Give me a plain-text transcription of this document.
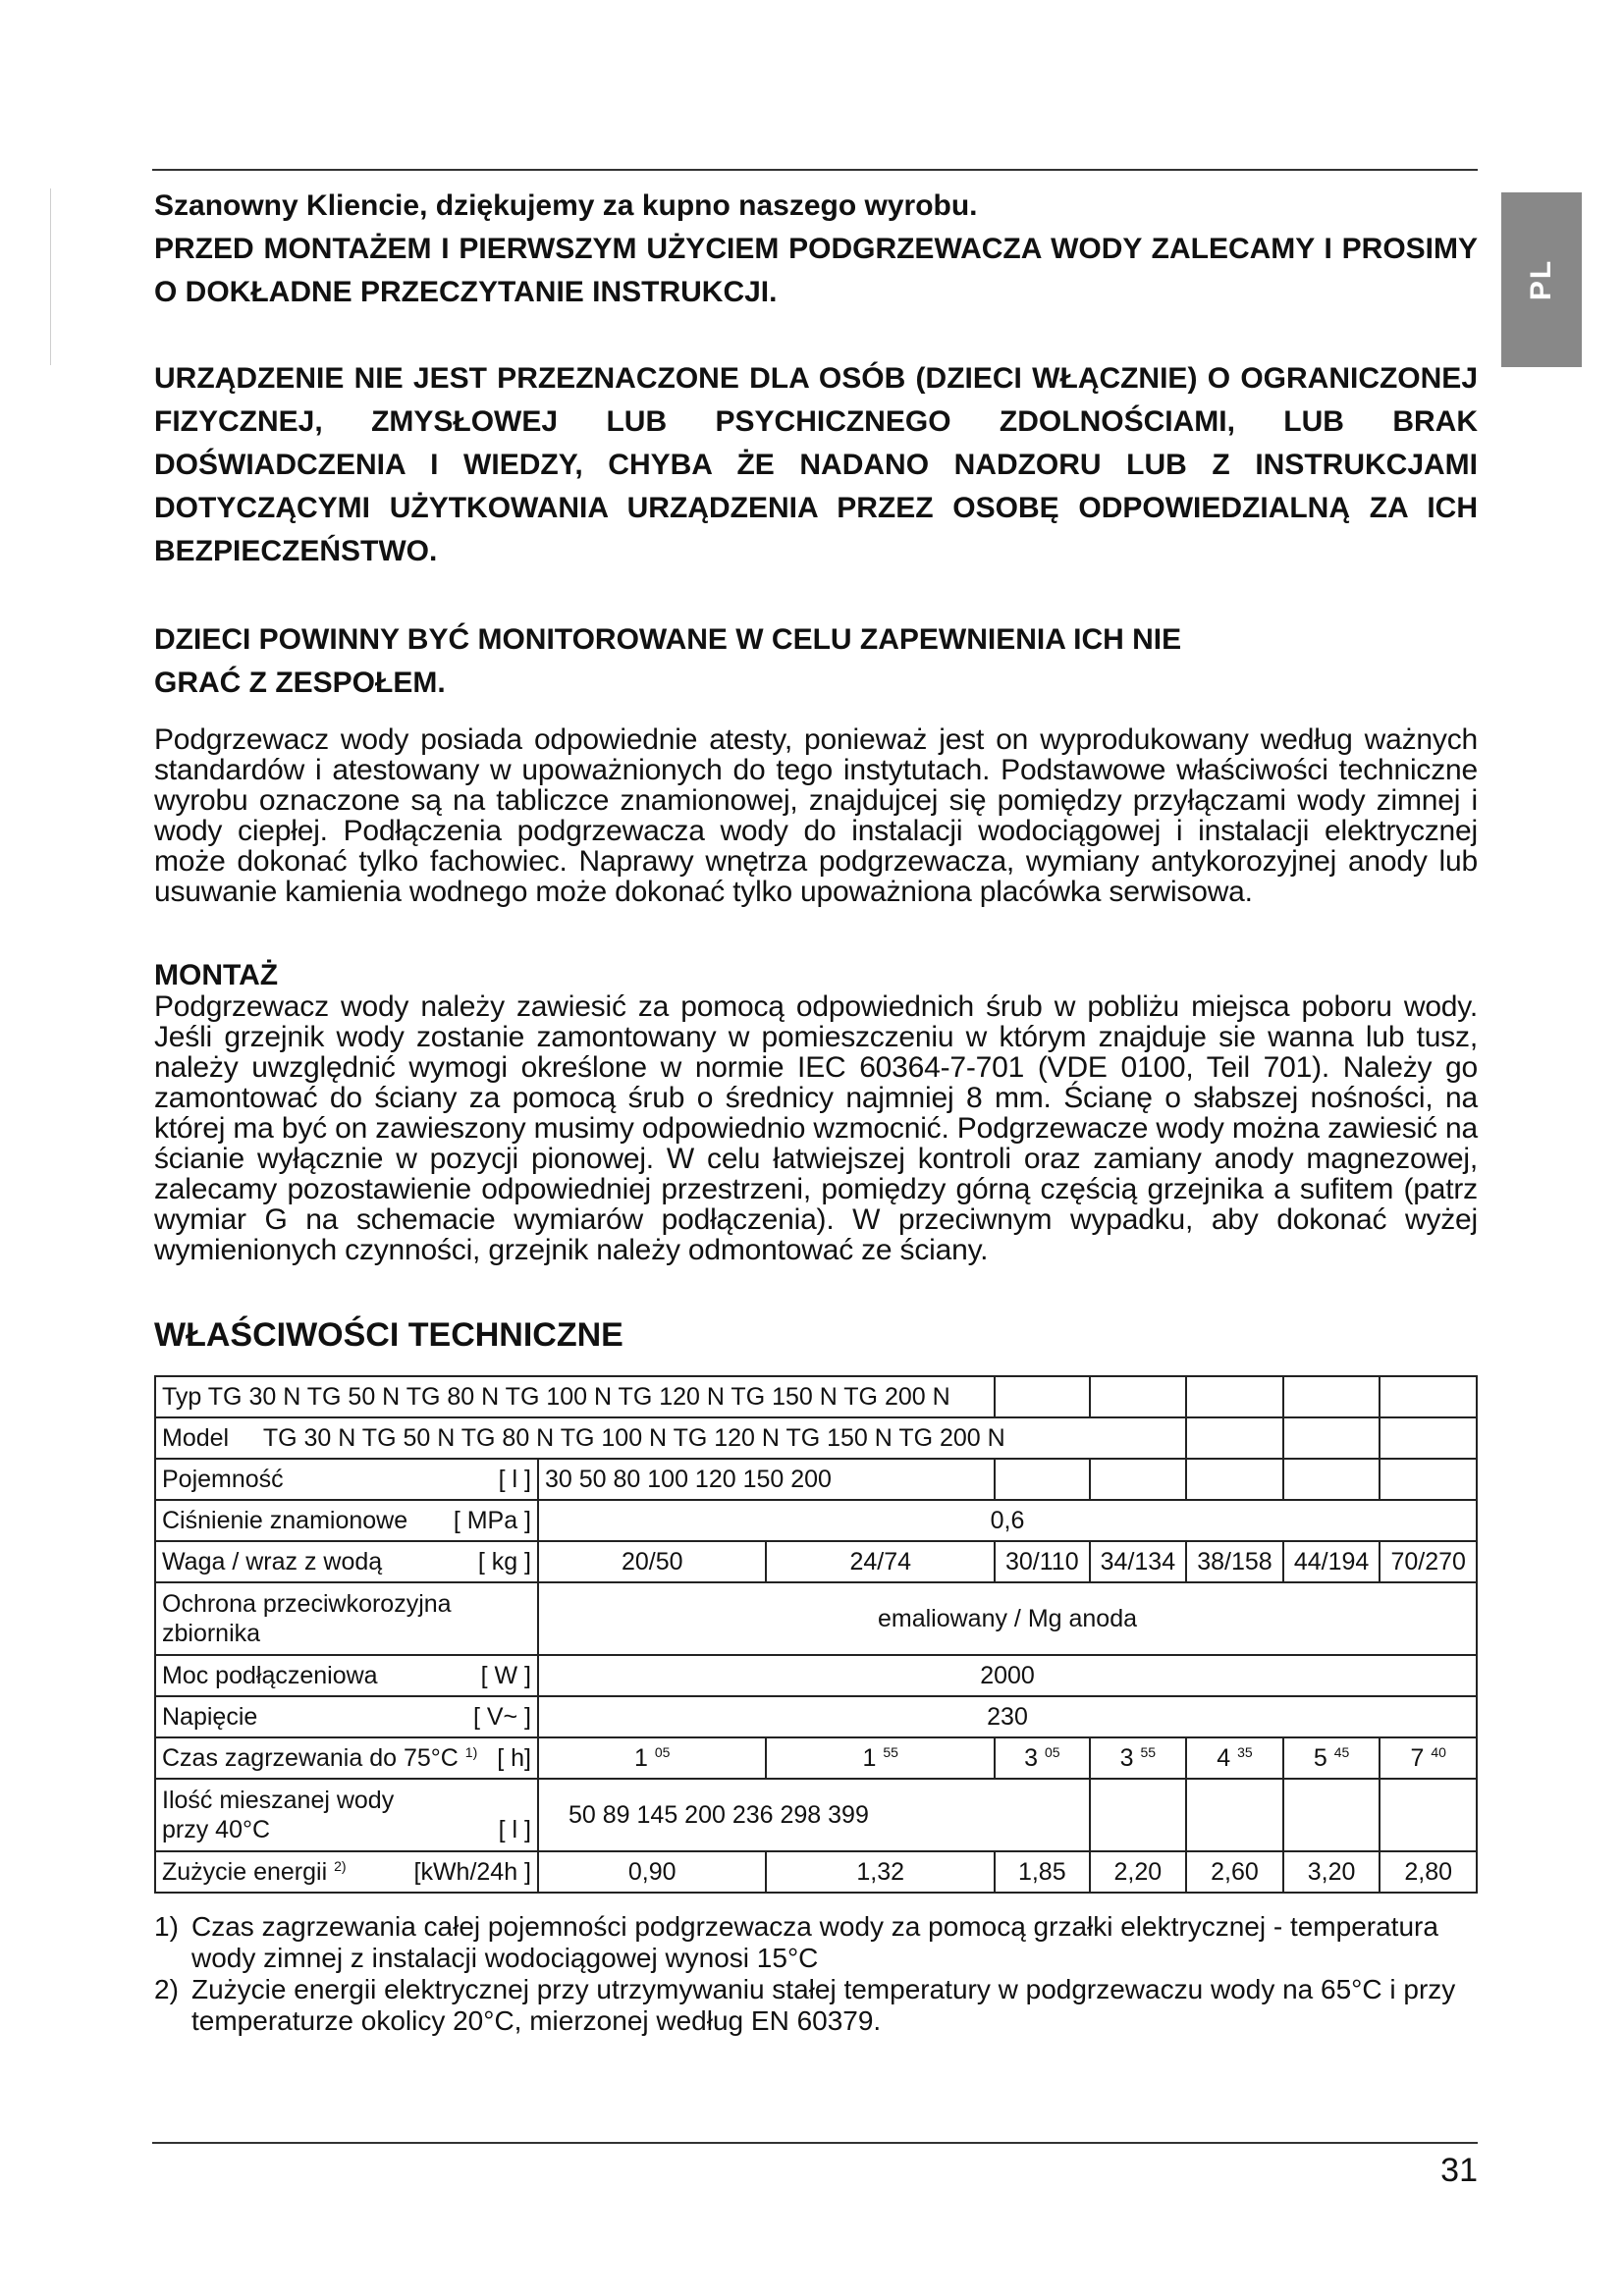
PL

Szanowny Kliencie, dziękujemy za kupno naszego wyrobu.

PRZED MONTAŻEM I PIERWSZYM UŻYCIEM PODGRZEWACZA WODY ZALECAMY I PROSIMY O DOKŁADNE PRZECZYTANIE INSTRUKCJI.

URZĄDZENIE NIE JEST PRZEZNACZONE DLA OSÓB (DZIECI WŁĄCZNIE) O OGRANICZONEJ FIZYCZNEJ, ZMYSŁOWEJ LUB PSYCHICZNEGO ZDOLNOŚCIAMI, LUB BRAK DOŚWIADCZENIA I WIEDZY, CHYBA ŻE NADANO NADZORU LUB Z INSTRUKCJAMI DOTYCZĄCYMI UŻYTKOWANIA URZĄDZENIA PRZEZ OSOBĘ ODPOWIEDZIALNĄ ZA ICH BEZPIECZEŃSTWO.

DZIECI POWINNY BYĆ MONITOROWANE W CELU ZAPEWNIENIA ICH NIE

GRAĆ Z ZESPOŁEM.

Podgrzewacz wody posiada odpowiednie atesty, ponieważ jest on wyprodukowany według ważnych standardów i atestowany w upoważnionych do tego instytutach. Podstawowe właściwości techniczne wyrobu oznaczone są na tabliczce znamionowej, znajdujcej się pomiędzy przyłączami wody zimnej i wody ciepłej. Podłączenia podgrzewacza wody do instalacji wodociągowej i instalacji elektrycznej może dokonać tylko fachowiec. Naprawy wnętrza podgrzewacza, wymiany antykorozyjnej anody lub usuwanie kamienia wodnego może dokonać tylko upoważniona placówka serwisowa.

MONTAŻ

Podgrzewacz wody należy zawiesić za pomocą odpowiednich śrub w pobliżu miejsca poboru wody. Jeśli grzejnik wody zostanie zamontowany w pomieszczeniu w którym znajduje sie wanna lub tusz, należy uwzględnić wymogi określone w normie IEC 60364-7-701 (VDE 0100, Teil 701). Należy go zamontować do ściany za pomocą śrub o średnicy najmniej 8 mm. Ścianę o słabszej nośności, na której ma być on zawieszony musimy odpowiednio wzmocnić. Podgrzewacze wody można zawiesić na ścianie wyłącznie w pozycji pionowej. W celu łatwiejszej kontroli oraz zamiany anody magnezowej, zalecamy pozostawienie odpowiedniej przestrzeni, pomiędzy górną częścią grzejnika a sufitem (patrz wymiar G na schemacie wymiarów podłączenia). W przeciwnym wypadku, aby dokonać wyżej wymienionych czynności, grzejnik należy odmontować ze ściany.

WŁAŚCIWOŚCI TECHNICZNE

Typ TG 30 N TG 50 N TG 80 N TG 100 N TG 120 N TG 150 N TG 200 N							
Model TG 30 N TG 50 N TG 80 N TG 100 N TG 120 N TG 150 N TG 200 N							

Pojemność [ l ]	30 50 80 100 120 150 200						

Ciśnienie znamionowe [ MPa ]	0,6						

Waga / wraz z wodą [ kg ]	20/50	24/74	30/110	34/134	38/158	44/194	70/270
Ochrona przeciwkorozyjna zbiornika	emaliowany / Mg anoda						

Moc podłączeniowa [ W ]	2000						

Napięcie [ V~ ]	230						

Czas zagrzewania do 75°C $^{1)}$ [ h]	1 $^{05}$	1 $^{55}$	3 $^{05}$	3 $^{55}$	4 $^{35}$	5 $^{45}$	7 $^{40}$

Ilość mieszanej wody
przy 40°C [ l ]	50 89 145 200 236 298 399						

Zużycie energii $^{2)}$ [kWh/24h ]	0,90	1,32	1,85	2,20	2,60	3,20	2,80
1) Czas zagrzewania całej pojemności podgrzewacza wody za pomocą grzałki elektrycznej - temperatura wody zimnej z instalacji wodociągowej wynosi 15°C
2) Zużycie energii elektrycznej przy utrzymywaniu stałej temperatury w podgrzewaczu wody na 65°C i przy temperaturze okolicy 20°C, mierzonej według EN 60379.
31
